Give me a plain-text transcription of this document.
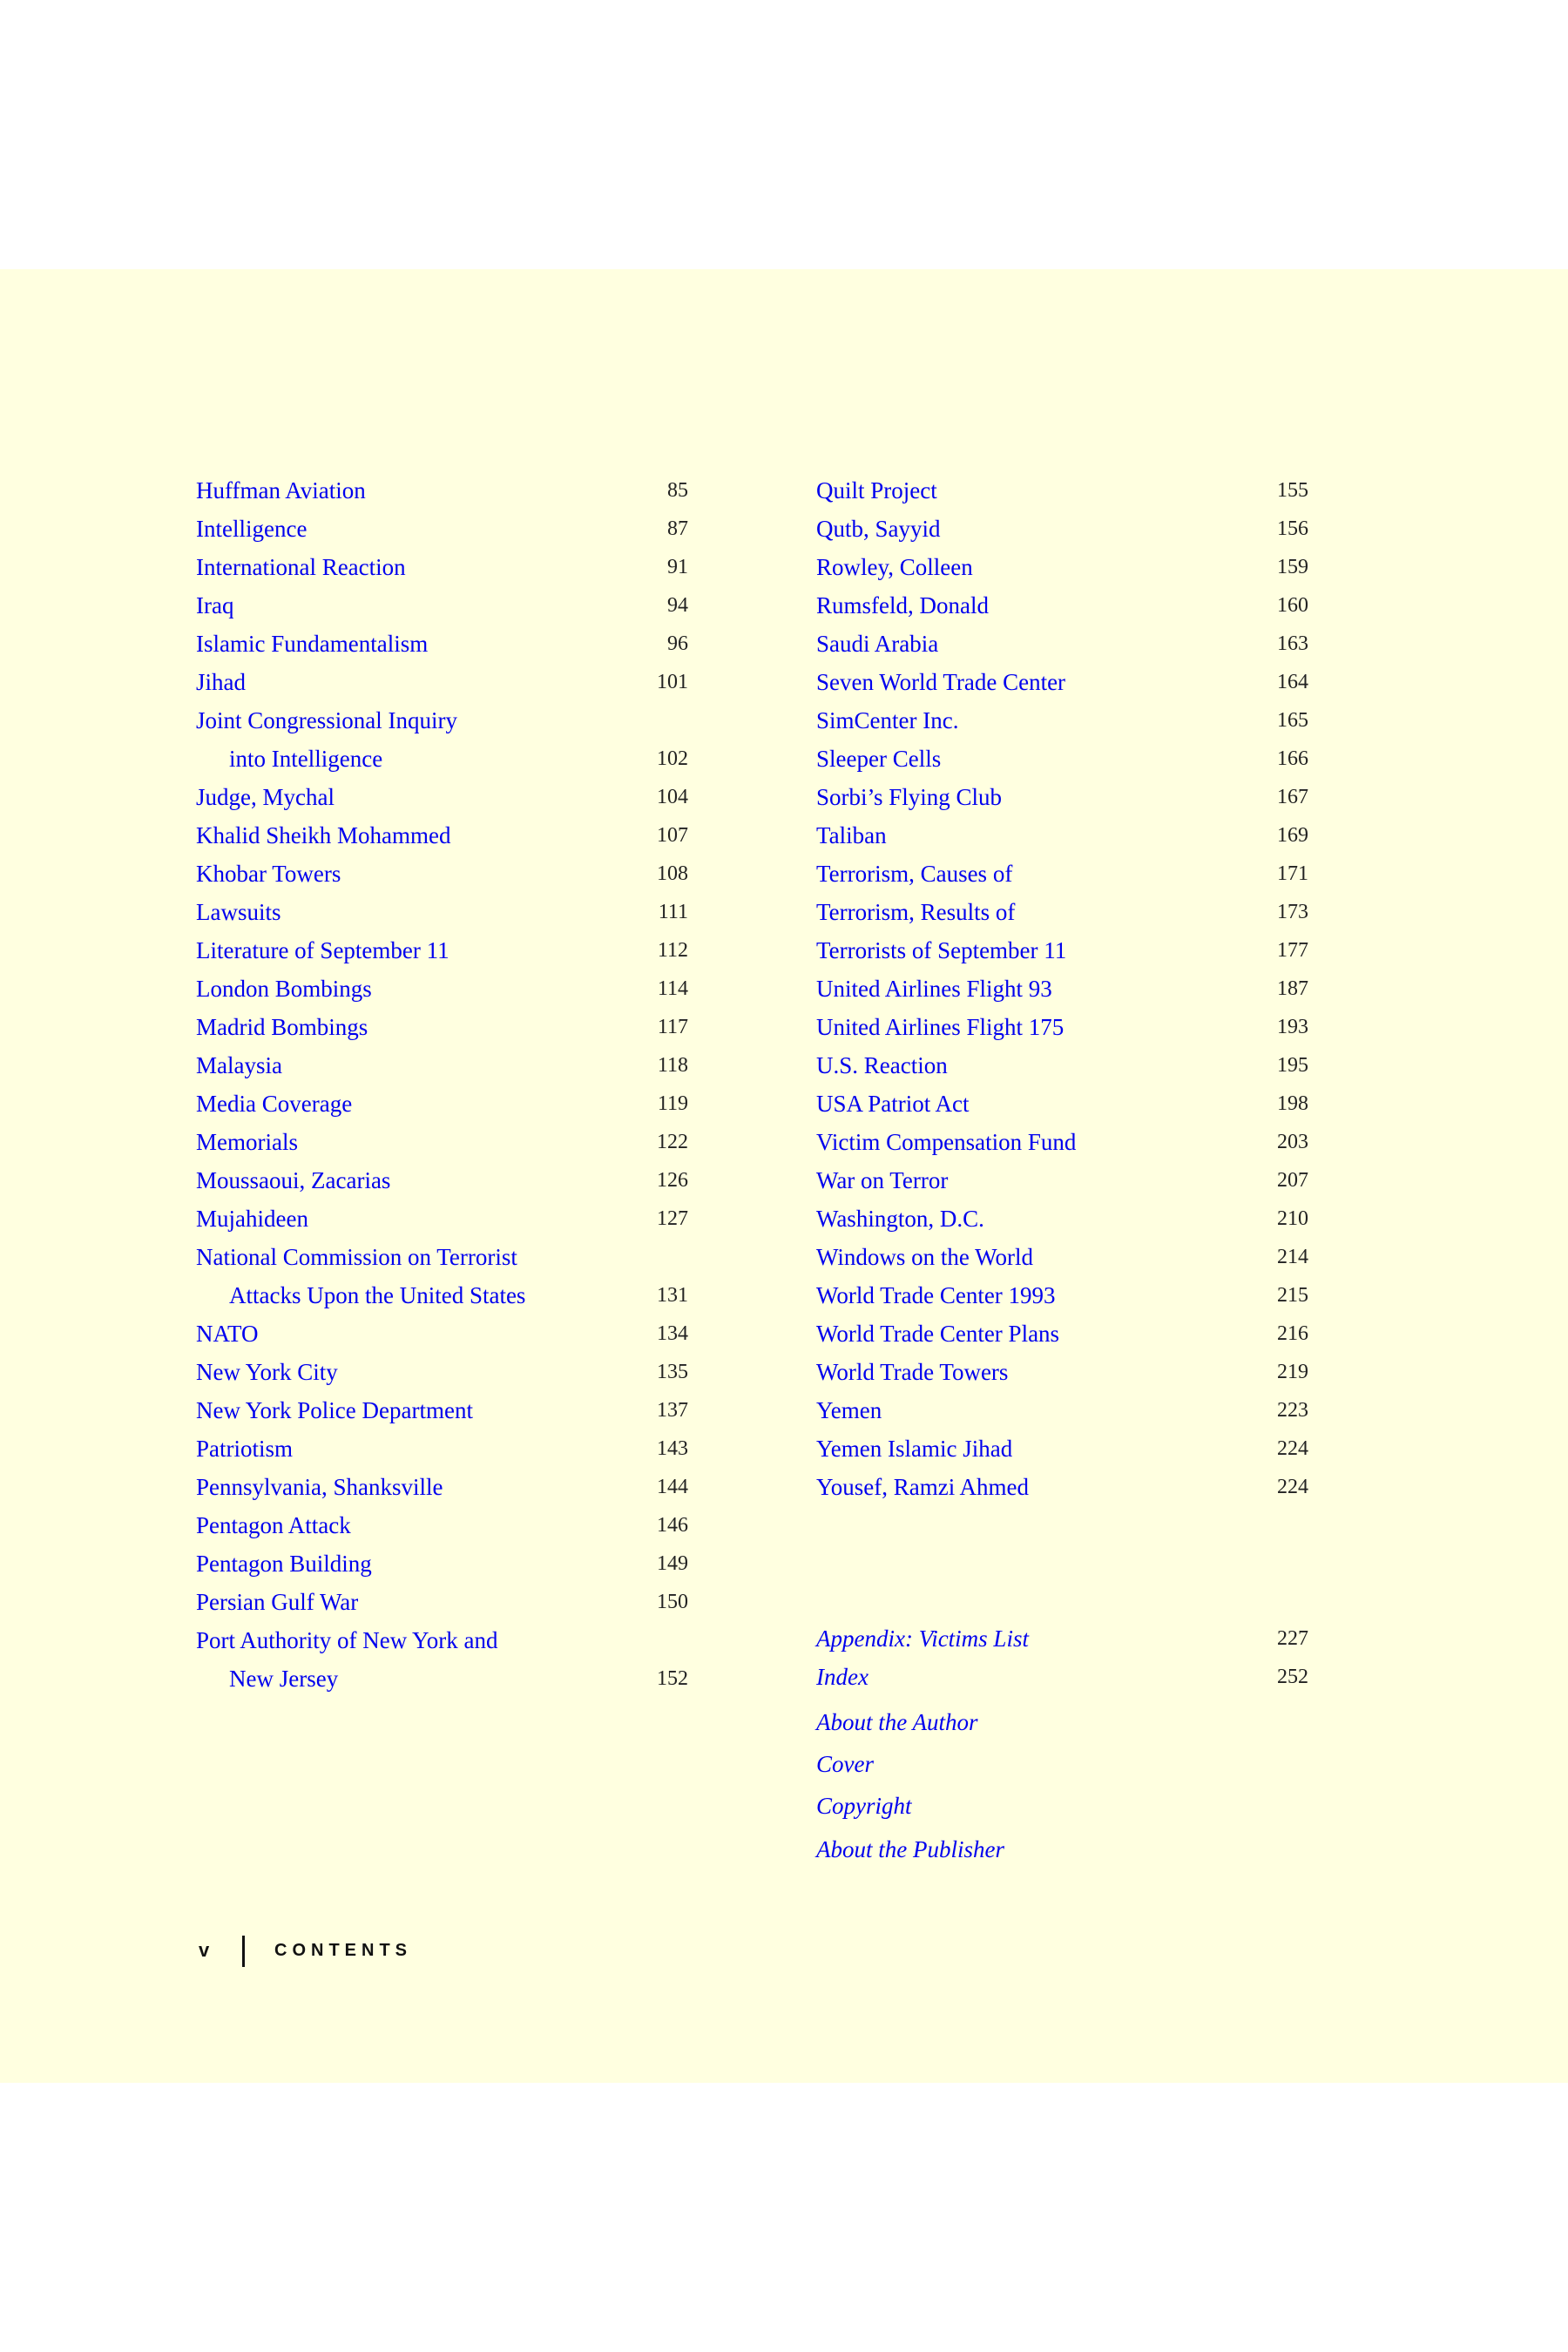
Huffman Aviation	85
Intelligence	87
International Reaction	91
Iraq	94
Islamic Fundamentalism	96
Jihad	101
Joint Congressional Inquiry
into Intelligence	102
Judge, Mychal	104
Khalid Sheikh Mohammed	107
Khobar Towers	108
Lawsuits	111
Literature of September 11	112
London Bombings	114
Madrid Bombings	117
Malaysia	118
Media Coverage	119
Memorials	122
Moussaoui, Zacarias	126
Mujahideen	127
National Commission on Terrorist
Attacks Upon the United States	131
NATO	134
New York City	135
New York Police Department	137
Patriotism	143
Pennsylvania, Shanksville	144
Pentagon Attack	146
Pentagon Building	149
Persian Gulf War	150
Port Authority of New York and
New Jersey	152
Quilt Project	155
Qutb, Sayyid	156
Rowley, Colleen	159
Rumsfeld, Donald	160
Saudi Arabia	163
Seven World Trade Center	164
SimCenter Inc.	165
Sleeper Cells	166
Sorbi’s Flying Club	167
Taliban	169
Terrorism, Causes of	171
Terrorism, Results of	173
Terrorists of September 11	177
United Airlines Flight 93	187
United Airlines Flight 175	193
U.S. Reaction	195
USA Patriot Act	198
Victim Compensation Fund	203
War on Terror	207
Washington, D.C.	210
Windows on the World	214
World Trade Center 1993	215
World Trade Center Plans	216
World Trade Towers	219
Yemen	223
Yemen Islamic Jihad	224
Yousef, Ramzi Ahmed	224
Appendix: Victims List	227
Index	252
About the Author
Cover
Copyright
About the Publisher
v	CONTENTS
